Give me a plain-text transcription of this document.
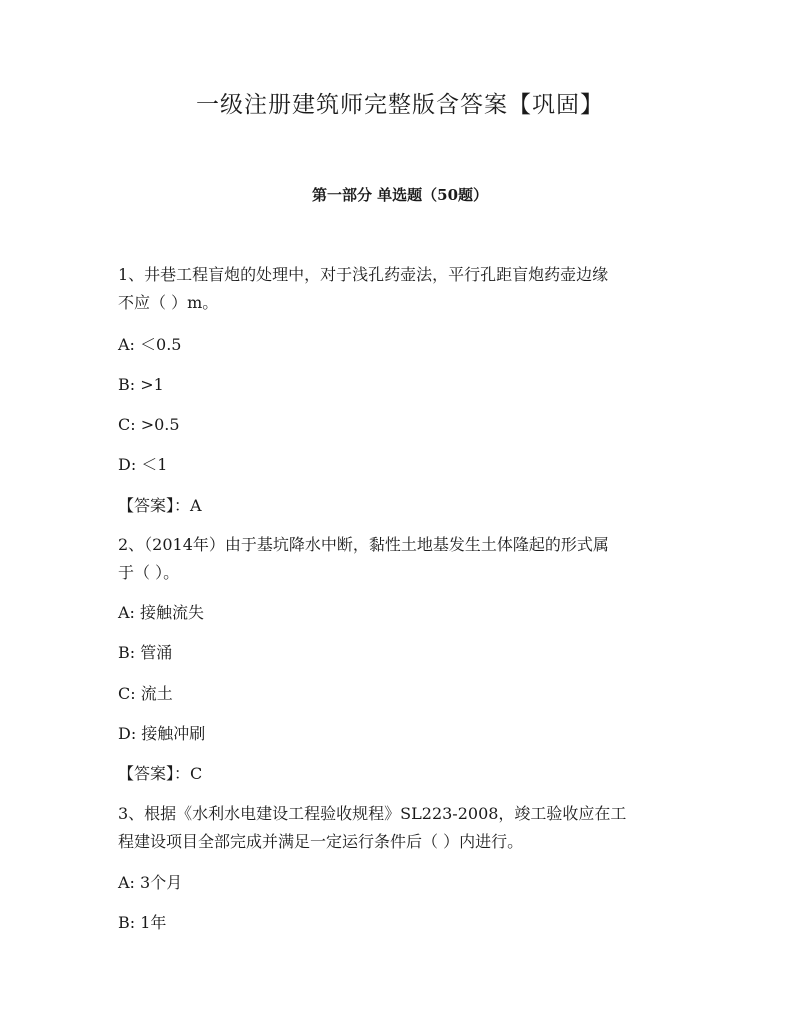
一级注册建筑师完整版含答案【巩固】
第一部分 单选题（50题）

1、井巷工程盲炮的处理中，对于浅孔药壶法，平行孔距盲炮药壶边缘

不应（ ）m。

A: ＜0.5

B: >1

C: >0.5

D: ＜1

【答案】：A

2、（2014年）由于基坑降水中断，黏性土地基发生土体隆起的形式属

于（ ）。

A: 接触流失

B: 管涌

C: 流土

D: 接触冲刷

【答案】：C

3、根据《水利水电建设工程验收规程》SL223-2008，竣工验收应在工

程建设项目全部完成并满足一定运行条件后（ ）内进行。

A: 3个月

B: 1年
